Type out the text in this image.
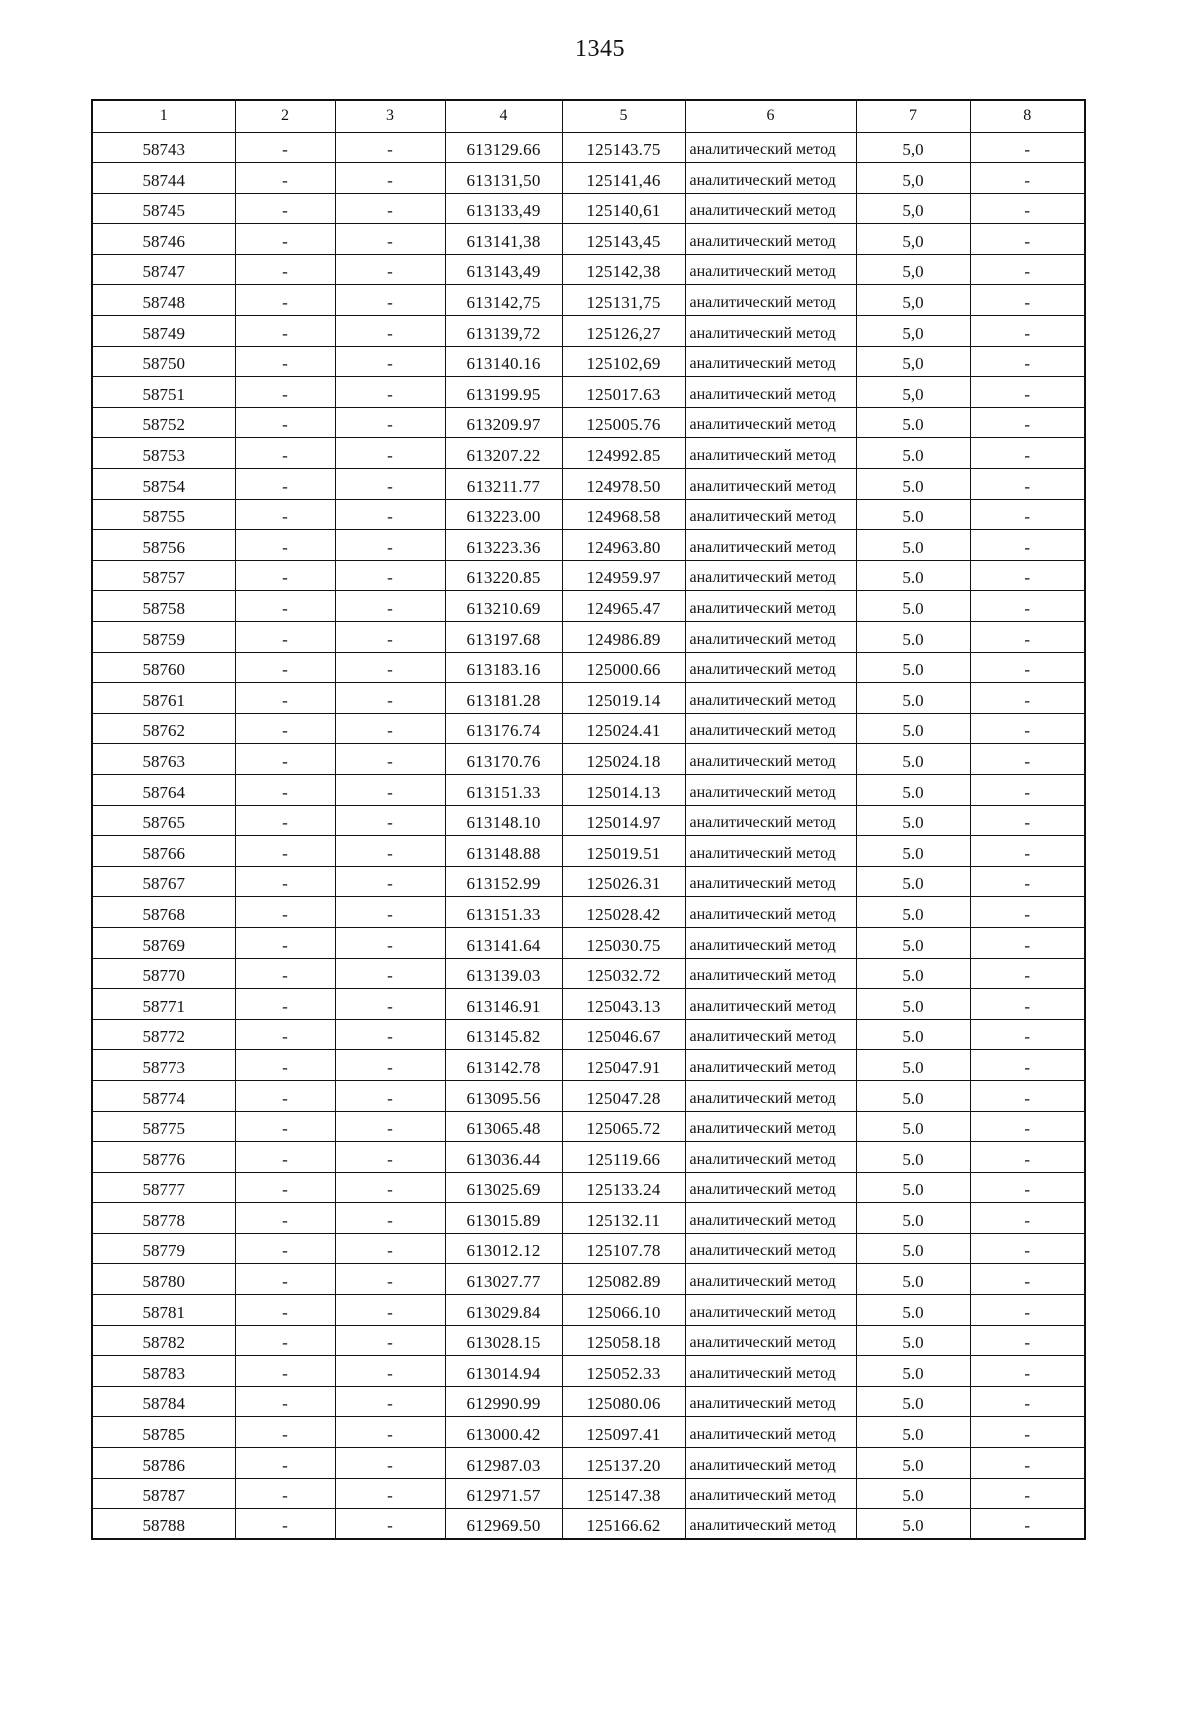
1345
1	2	3	4	5	6	7	8
58743	-	-	613129.66	125143.75	аналитический метод	5,0	-
58744	-	-	613131,50	125141,46	аналитический метод	5,0	-
58745	-	-	613133,49	125140,61	аналитический метод	5,0	-
58746	-	-	613141,38	125143,45	аналитический метод	5,0	-
58747	-	-	613143,49	125142,38	аналитический метод	5,0	-
58748	-	-	613142,75	125131,75	аналитический метод	5,0	-
58749	-	-	613139,72	125126,27	аналитический метод	5,0	-
58750	-	-	613140.16	125102,69	аналитический метод	5,0	-
58751	-	-	613199.95	125017.63	аналитический метод	5,0	-
58752	-	-	613209.97	125005.76	аналитический метод	5.0	-
58753	-	-	613207.22	124992.85	аналитический метод	5.0	-
58754	-	-	613211.77	124978.50	аналитический метод	5.0	-
58755	-	-	613223.00	124968.58	аналитический метод	5.0	-
58756	-	-	613223.36	124963.80	аналитический метод	5.0	-
58757	-	-	613220.85	124959.97	аналитический метод	5.0	-
58758	-	-	613210.69	124965.47	аналитический метод	5.0	-
58759	-	-	613197.68	124986.89	аналитический метод	5.0	-
58760	-	-	613183.16	125000.66	аналитический метод	5.0	-
58761	-	-	613181.28	125019.14	аналитический метод	5.0	-
58762	-	-	613176.74	125024.41	аналитический метод	5.0	-
58763	-	-	613170.76	125024.18	аналитический метод	5.0	-
58764	-	-	613151.33	125014.13	аналитический метод	5.0	-
58765	-	-	613148.10	125014.97	аналитический метод	5.0	-
58766	-	-	613148.88	125019.51	аналитический метод	5.0	-
58767	-	-	613152.99	125026.31	аналитический метод	5.0	-
58768	-	-	613151.33	125028.42	аналитический метод	5.0	-
58769	-	-	613141.64	125030.75	аналитический метод	5.0	-
58770	-	-	613139.03	125032.72	аналитический метод	5.0	-
58771	-	-	613146.91	125043.13	аналитический метод	5.0	-
58772	-	-	613145.82	125046.67	аналитический метод	5.0	-
58773	-	-	613142.78	125047.91	аналитический метод	5.0	-
58774	-	-	613095.56	125047.28	аналитический метод	5.0	-
58775	-	-	613065.48	125065.72	аналитический метод	5.0	-
58776	-	-	613036.44	125119.66	аналитический метод	5.0	-
58777	-	-	613025.69	125133.24	аналитический метод	5.0	-
58778	-	-	613015.89	125132.11	аналитический метод	5.0	-
58779	-	-	613012.12	125107.78	аналитический метод	5.0	-
58780	-	-	613027.77	125082.89	аналитический метод	5.0	-
58781	-	-	613029.84	125066.10	аналитический метод	5.0	-
58782	-	-	613028.15	125058.18	аналитический метод	5.0	-
58783	-	-	613014.94	125052.33	аналитический метод	5.0	-
58784	-	-	612990.99	125080.06	аналитический метод	5.0	-
58785	-	-	613000.42	125097.41	аналитический метод	5.0	-
58786	-	-	612987.03	125137.20	аналитический метод	5.0	-
58787	-	-	612971.57	125147.38	аналитический метод	5.0	-
58788	-	-	612969.50	125166.62	аналитический метод	5.0	-
